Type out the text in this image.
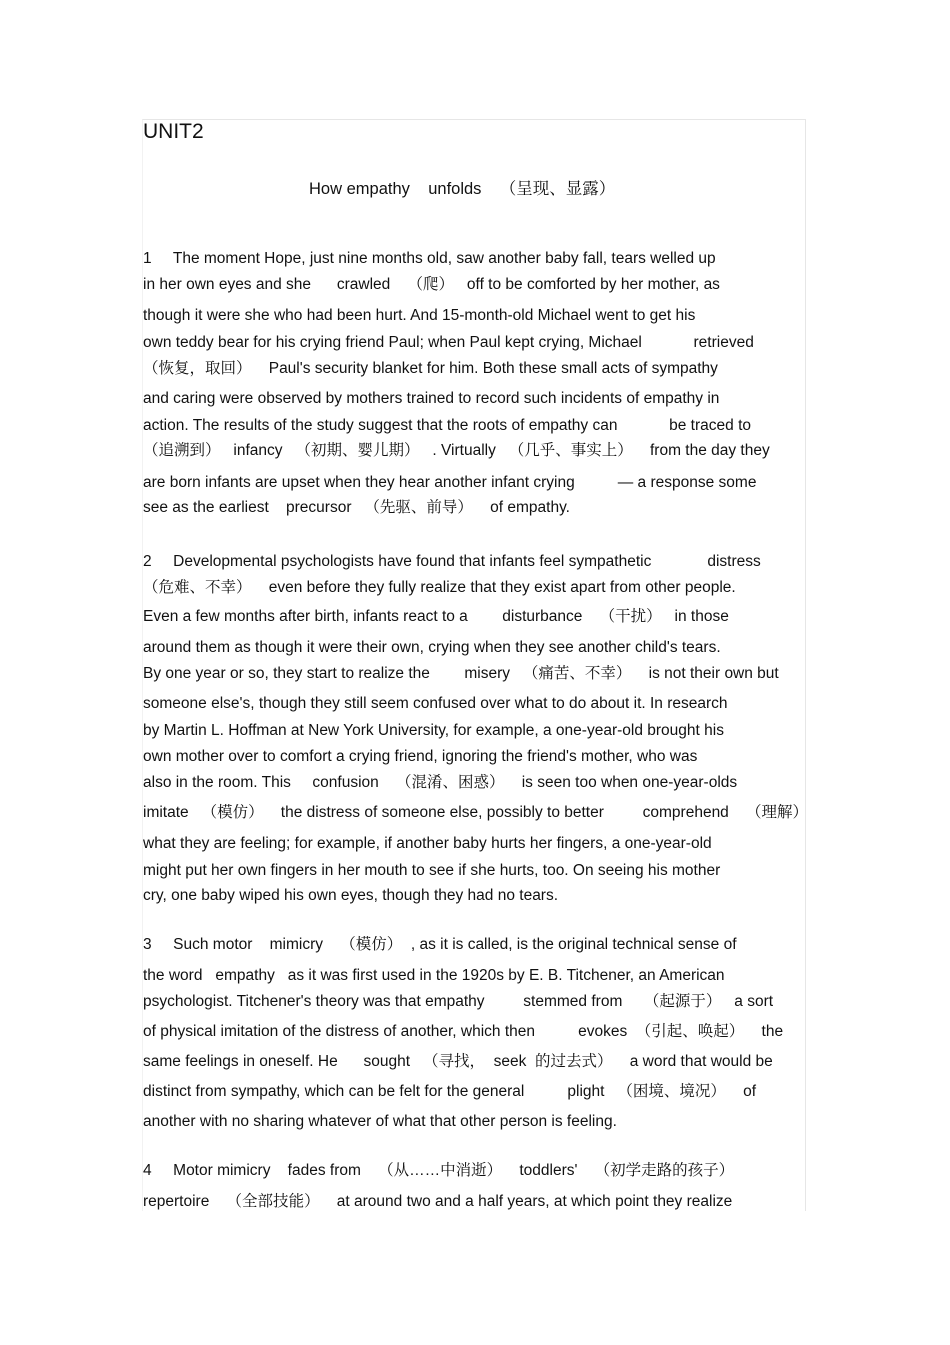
UNIT2
How empathy    unfolds    （呈现、显露）
1     The moment Hope, just nine months old, saw another baby fall, tears welled up
in her own eyes and she      crawled    （爬）   off to be comforted by her mother, as
though it were she who had been hurt. And 15-month-old Michael went to get his
own teddy bear for his crying friend Paul; when Paul kept crying, Michael            retrieved
（恢复，取回）    Paul's security blanket for him. Both these small acts of sympathy
and caring were observed by mothers trained to record such incidents of empathy in
action. The results of the study suggest that the roots of empathy can            be traced to
（追溯到）   infancy   （初期、婴儿期）   . Virtually   （几乎、事实上）    from the day they
are born infants are upset when they hear another infant crying          — a response some
see as the earliest    precursor   （先驱、前导）    of empathy.
2     Developmental psychologists have found that infants feel sympathetic             distress
（危难、不幸）    even before they fully realize that they exist apart from other people.
Even a few months after birth, infants react to a        disturbance    （干扰）   in those
around them as though it were their own, crying when they see another child's tears.
By one year or so, they start to realize the        misery   （痛苦、不幸）    is not their own but
someone else's, though they still seem confused over what to do about it. In research
by Martin L. Hoffman at New York University, for example, a one-year-old brought his
own mother over to comfort a crying friend, ignoring the friend's mother, who was
also in the room. This     confusion    （混淆、困惑）    is seen too when one-year-olds
imitate   （模仿）    the distress of someone else, possibly to better         comprehend    （理解）
what they are feeling; for example, if another baby hurts her fingers, a one-year-old
might put her own fingers in her mouth to see if she hurts, too. On seeing his mother
cry, one baby wiped his own eyes, though they had no tears.
3     Such motor    mimicry    （模仿）  , as it is called, is the original technical sense of
the word   empathy   as it was first used in the 1920s by E. B. Titchener, an American
psychologist. Titchener's theory was that empathy         stemmed from     （起源于）   a sort
of physical imitation of the distress of another, which then          evokes  （引起、唤起）    the
same feelings in oneself. He      sought   （寻找，  seek  的过去式）    a word that would be
distinct from sympathy, which can be felt for the general          plight   （困境、境况）    of
another with no sharing whatever of what that other person is feeling.
4     Motor mimicry    fades from    （从……中消逝）    toddlers'    （初学走路的孩子）
repertoire    （全部技能）    at around two and a half years, at which point they realize
